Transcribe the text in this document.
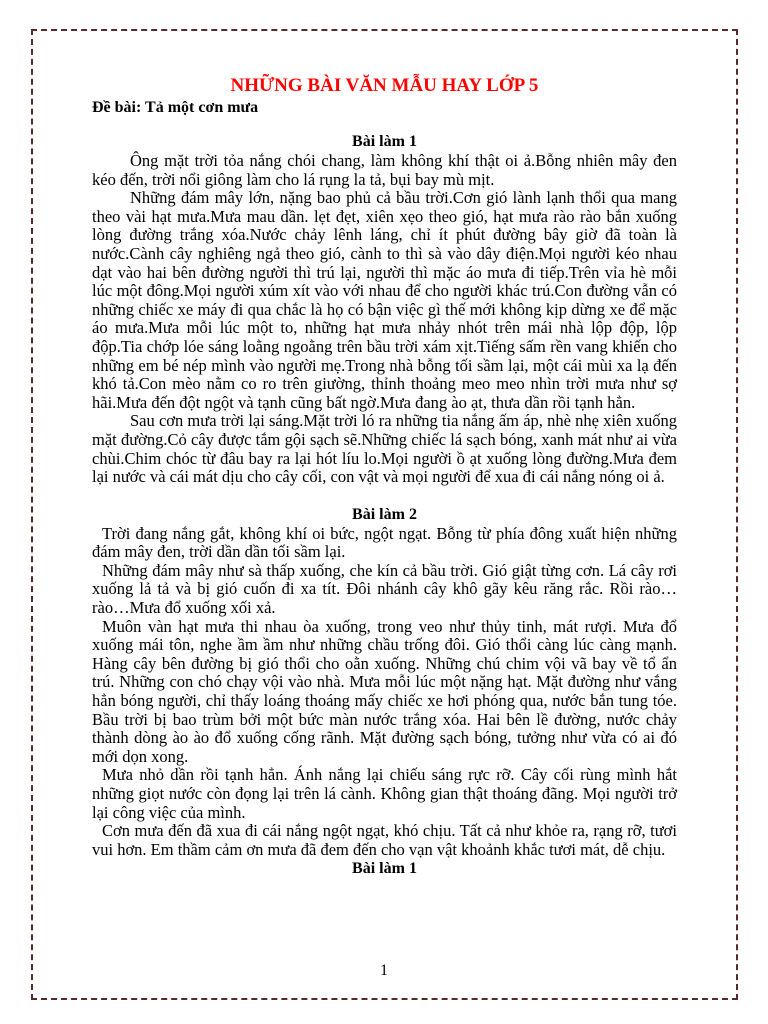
NHỮNG BÀI VĂN MẪU HAY LỚP 5
Đề bài: Tả một cơn mưa
Bài làm 1

Ông mặt trời tỏa nắng chói chang, làm không khí thật oi ả.Bỗng nhiên mây đen kéo đến, trời nổi giông làm cho lá rụng la tả, bụi bay mù mịt.

Những đám mây lớn, nặng bao phủ cả bầu trời.Cơn gió lành lạnh thổi qua mang theo vài hạt mưa.Mưa mau dần. lẹt đẹt, xiên xẹo theo gió, hạt mưa rào rào bắn xuống lòng đường trắng xóa.Nước chảy lênh láng, chỉ ít phút đường bây giờ đã toàn là nước.Cành cây nghiêng ngả theo gió, cành to thì sà vào dây điện.Mọi người kéo nhau dạt vào hai bên đường người thì trú lại, người thì mặc áo mưa đi tiếp.Trên vỉa hè mỗi lúc một đông.Mọi người xúm xít vào với nhau để cho người khác trú.Con đường vẫn có những chiếc xe máy đi qua chắc là họ có bận việc gì thế mới không kịp dừng xe để mặc áo mưa.Mưa mỗi lúc một to, những hạt mưa nhảy nhót trên mái nhà lộp độp, lộp độp.Tia chớp lóe sáng loằng ngoằng trên bầu trời xám xịt.Tiếng sấm rền vang khiến cho những em bé nép mình vào người mẹ.Trong nhà bỗng tối sầm lại, một cái mùi xa lạ đến khó tả.Con mèo nằm co ro trên giường, thỉnh thoảng meo meo nhìn trời mưa như sợ hãi.Mưa đến đột ngột và tạnh cũng bất ngờ.Mưa đang ào ạt, thưa dần rồi tạnh hẳn.

Sau cơn mưa trời lại sáng.Mặt trời ló ra những tia nắng ấm áp, nhè nhẹ xiên xuống mặt đường.Cỏ cây được tắm gội sạch sẽ.Những chiếc lá sạch bóng, xanh mát như ai vừa chùi.Chim chóc từ đâu bay ra lại hót líu lo.Mọi người ồ ạt xuống lòng đường.Mưa đem lại nước và cái mát dịu cho cây cối, con vật và mọi người để xua đi cái nắng nóng oi ả.

Bài làm 2

Trời đang nắng gắt, không khí oi bức, ngột ngạt. Bỗng từ phía đông xuất hiện những đám mây đen, trời dần dần tối sầm lại.

Những đám mây như sà thấp xuống, che kín cả bầu trời. Gió giật từng cơn. Lá cây rơi xuống lả tả và bị gió cuốn đi xa tít. Đôi nhánh cây khô gãy kêu răng rắc. Rồi rào… rào…Mưa đổ xuống xối xả.

Muôn vàn hạt mưa thi nhau òa xuống, trong veo như thủy tinh, mát rượi. Mưa đổ xuống mái tôn, nghe ầm ầm như những chầu trống đôi. Gió thổi càng lúc càng mạnh. Hàng cây bên đường bị gió thổi cho oằn xuống. Những chú chim vội vã bay về tổ ẩn trú. Những con chó chạy vội vào nhà. Mưa mỗi lúc một nặng hạt. Mặt đường như vắng hẳn bóng người, chỉ thấy loáng thoáng mấy chiếc xe hơi phóng qua, nước bắn tung tóe. Bầu trời bị bao trùm bởi một bức màn nước trắng xóa. Hai bên lề đường, nước chảy thành dòng ào ào đổ xuống cống rãnh. Mặt đường sạch bóng, tưởng như vừa có ai đó mới dọn xong.

Mưa nhỏ dần rồi tạnh hẳn. Ánh nắng lại chiếu sáng rực rỡ. Cây cối rùng mình hắt những giọt nước còn đọng lại trên lá cành. Không gian thật thoáng đãng. Mọi người trở lại công việc của mình.

Cơn mưa đến đã xua đi cái nắng ngột ngạt, khó chịu. Tất cả như khỏe ra, rạng rỡ, tươi vui hơn. Em thầm cảm ơn mưa đã đem đến cho vạn vật khoảnh khắc tươi mát, dễ chịu.

Bài làm 1
1
